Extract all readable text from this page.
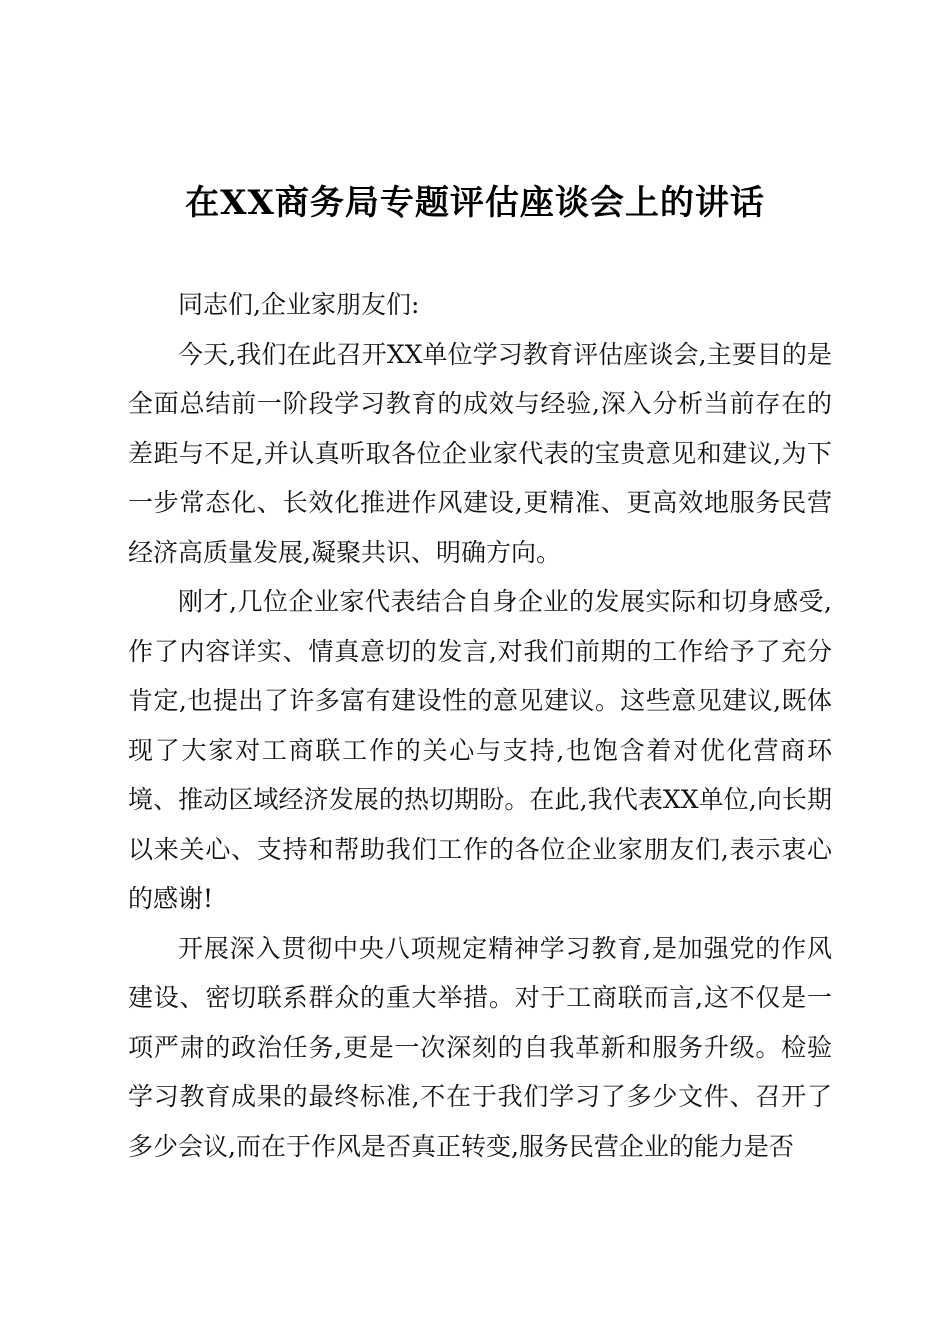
在XX商务局专题评估座谈会上的讲话

同志们,企业家朋友们:

今天,我们在此召开XX单位学习教育评估座谈会,主要目的是全面总结前一阶段学习教育的成效与经验,深入分析当前存在的差距与不足,并认真听取各位企业家代表的宝贵意见和建议,为下一步常态化、长效化推进作风建设,更精准、更高效地服务民营经济高质量发展,凝聚共识、明确方向。

刚才,几位企业家代表结合自身企业的发展实际和切身感受,作了内容详实、情真意切的发言,对我们前期的工作给予了充分肯定,也提出了许多富有建设性的意见建议。这些意见建议,既体现了大家对工商联工作的关心与支持,也饱含着对优化营商环境、推动区域经济发展的热切期盼。在此,我代表XX单位,向长期以来关心、支持和帮助我们工作的各位企业家朋友们,表示衷心的感谢!

开展深入贯彻中央八项规定精神学习教育,是加强党的作风建设、密切联系群众的重大举措。对于工商联而言,这不仅是一项严肃的政治任务,更是一次深刻的自我革新和服务升级。检验学习教育成果的最终标准,不在于我们学习了多少文件、召开了多少会议,而在于作风是否真正转变,服务民营企业的能力是否
